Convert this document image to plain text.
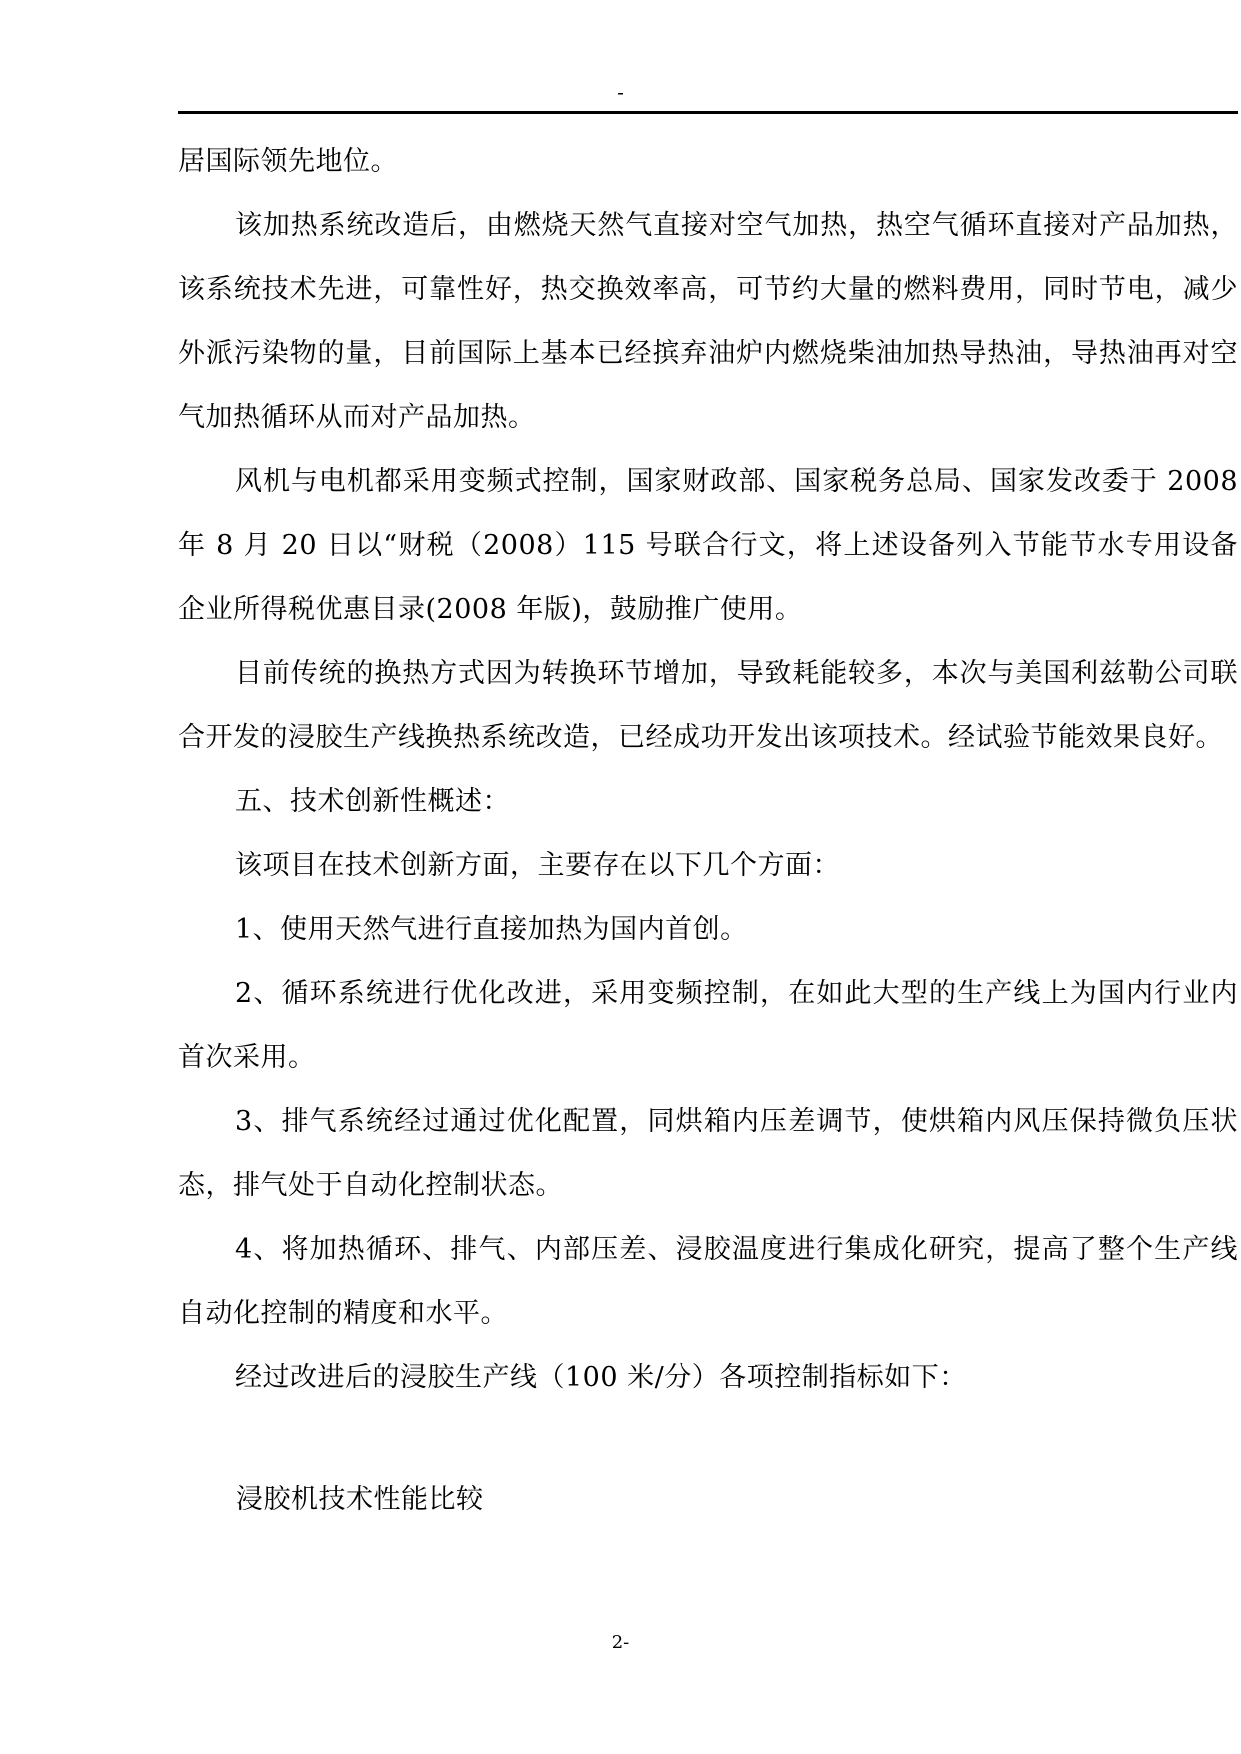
-

居国际领先地位。

该加热系统改造后，由燃烧天然气直接对空气加热，热空气循环直接对产品加热，该系统技术先进，可靠性好，热交换效率高，可节约大量的燃料费用，同时节电，减少外派污染物的量，目前国际上基本已经摈弃油炉内燃烧柴油加热导热油，导热油再对空气加热循环从而对产品加热。

风机与电机都采用变频式控制，国家财政部、国家税务总局、国家发改委于 2008 年 8 月 20 日以“财税（2008）115 号联合行文，将上述设备列入节能节水专用设备企业所得税优惠目录(2008 年版)，鼓励推广使用。

目前传统的换热方式因为转换环节增加，导致耗能较多，本次与美国利兹勒公司联合开发的浸胶生产线换热系统改造，已经成功开发出该项技术。经试验节能效果良好。

五、技术创新性概述：

该项目在技术创新方面，主要存在以下几个方面：

1、使用天然气进行直接加热为国内首创。

2、循环系统进行优化改进，采用变频控制，在如此大型的生产线上为国内行业内首次采用。

3、排气系统经过通过优化配置，同烘箱内压差调节，使烘箱内风压保持微负压状态，排气处于自动化控制状态。

4、将加热循环、排气、内部压差、浸胶温度进行集成化研究，提高了整个生产线自动化控制的精度和水平。

经过改进后的浸胶生产线（100 米/分）各项控制指标如下：

浸胶机技术性能比较
2-
